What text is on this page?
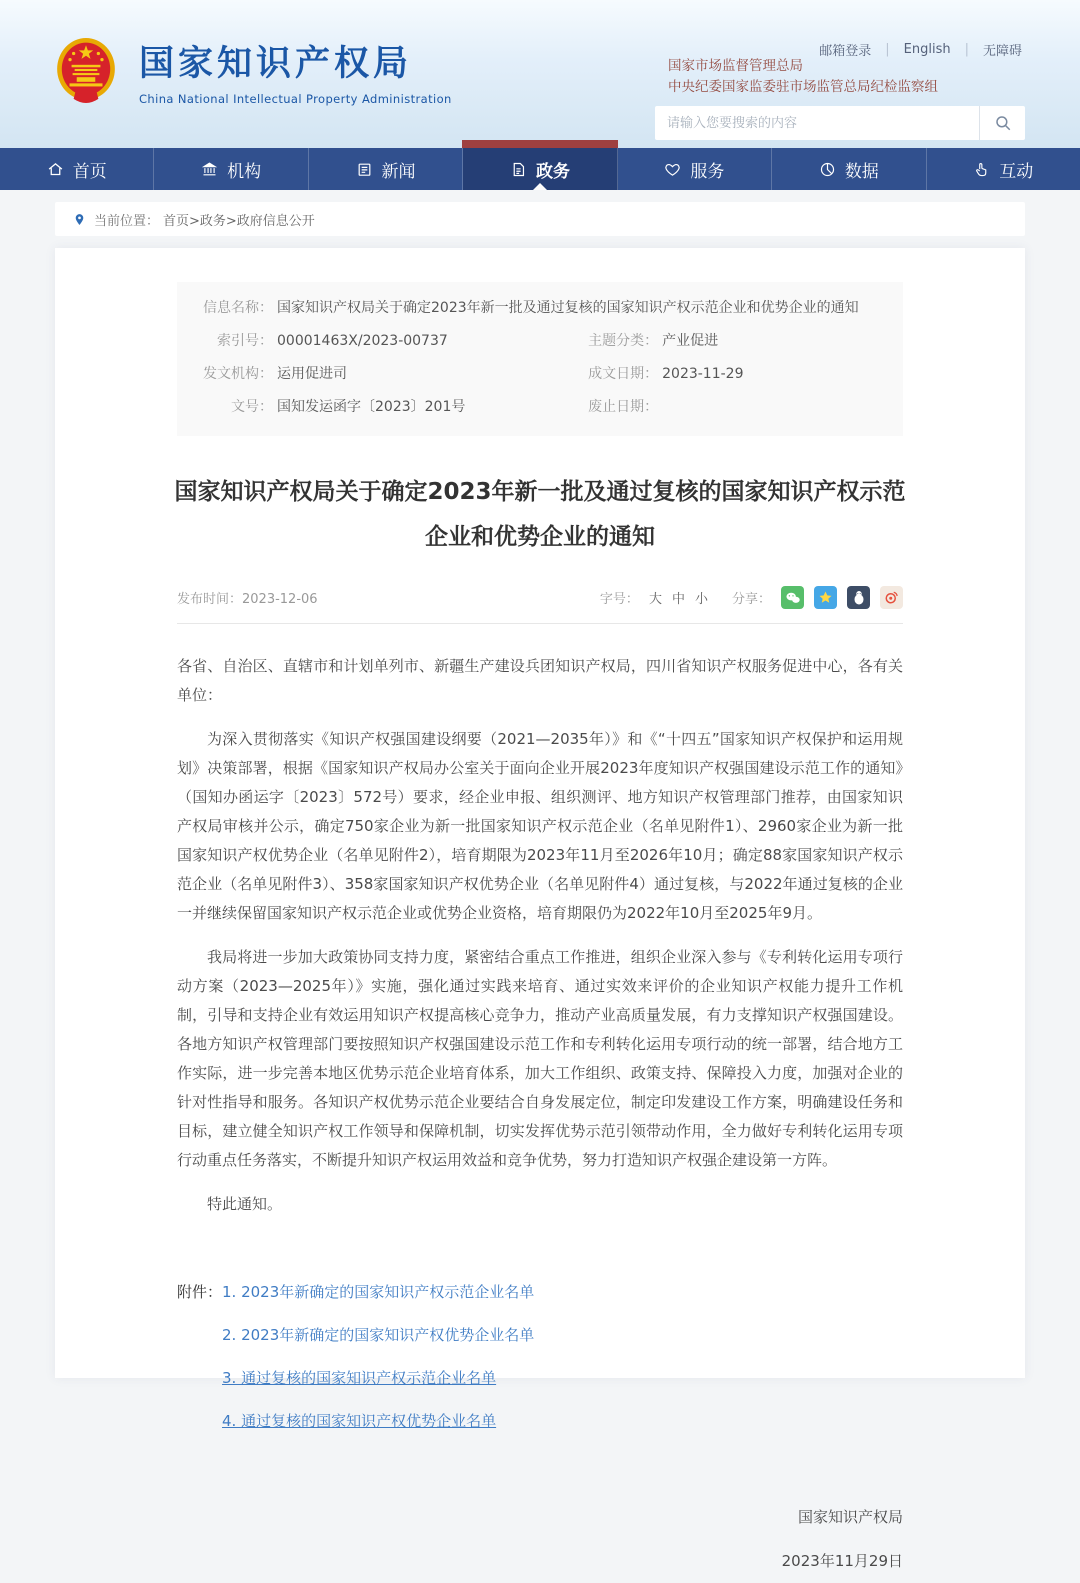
国家知识产权局
China National Intellectual Property Administration
邮箱登录 | English | 无障碍
国家市场监督管理总局
中央纪委国家监委驻市场监管总局纪检监察组
请输入您要搜索的内容
首页	机构	新闻	政务	服务	数据	互动
当前位置： 首页>政务>政府信息公开
信息名称： 国家知识产权局关于确定2023年新一批及通过复核的国家知识产权示范企业和优势企业的通知
索引号： 00001463X/2023-00737	主题分类： 产业促进
发文机构： 运用促进司	成文日期： 2023-11-29
文号： 国知发运函字〔2023〕201号	废止日期：
国家知识产权局关于确定2023年新一批及通过复核的国家知识产权示范企业和优势企业的通知
发布时间：2023-12-06	字号： 大 中 小 分享：

各省、自治区、直辖市和计划单列市、新疆生产建设兵团知识产权局，四川省知识产权服务促进中心，各有关单位：

为深入贯彻落实《知识产权强国建设纲要（2021—2035年）》和《“十四五”国家知识产权保护和运用规划》决策部署，根据《国家知识产权局办公室关于面向企业开展2023年度知识产权强国建设示范工作的通知》（国知办函运字〔2023〕572号）要求，经企业申报、组织测评、地方知识产权管理部门推荐，由国家知识产权局审核并公示，确定750家企业为新一批国家知识产权示范企业（名单见附件1）、2960家企业为新一批国家知识产权优势企业（名单见附件2），培育期限为2023年11月至2026年10月；确定88家国家知识产权示范企业（名单见附件3）、358家国家知识产权优势企业（名单见附件4）通过复核，与2022年通过复核的企业一并继续保留国家知识产权示范企业或优势企业资格，培育期限仍为2022年10月至2025年9月。

我局将进一步加大政策协同支持力度，紧密结合重点工作推进，组织企业深入参与《专利转化运用专项行动方案（2023—2025年）》实施，强化通过实践来培育、通过实效来评价的企业知识产权能力提升工作机制，引导和支持企业有效运用知识产权提高核心竞争力，推动产业高质量发展，有力支撑知识产权强国建设。各地方知识产权管理部门要按照知识产权强国建设示范工作和专利转化运用专项行动的统一部署，结合地方工作实际，进一步完善本地区优势示范企业培育体系，加大工作组织、政策支持、保障投入力度，加强对企业的针对性指导和服务。各知识产权优势示范企业要结合自身发展定位，制定印发建设工作方案，明确建设任务和目标，建立健全知识产权工作领导和保障机制，切实发挥优势示范引领带动作用，全力做好专利转化运用专项行动重点任务落实，不断提升知识产权运用效益和竞争优势，努力打造知识产权强企建设第一方阵。

特此通知。

附件： 1. 2023年新确定的国家知识产权示范企业名单
2. 2023年新确定的国家知识产权优势企业名单
3. 通过复核的国家知识产权示范企业名单
4. 通过复核的国家知识产权优势企业名单
国家知识产权局
2023年11月29日
